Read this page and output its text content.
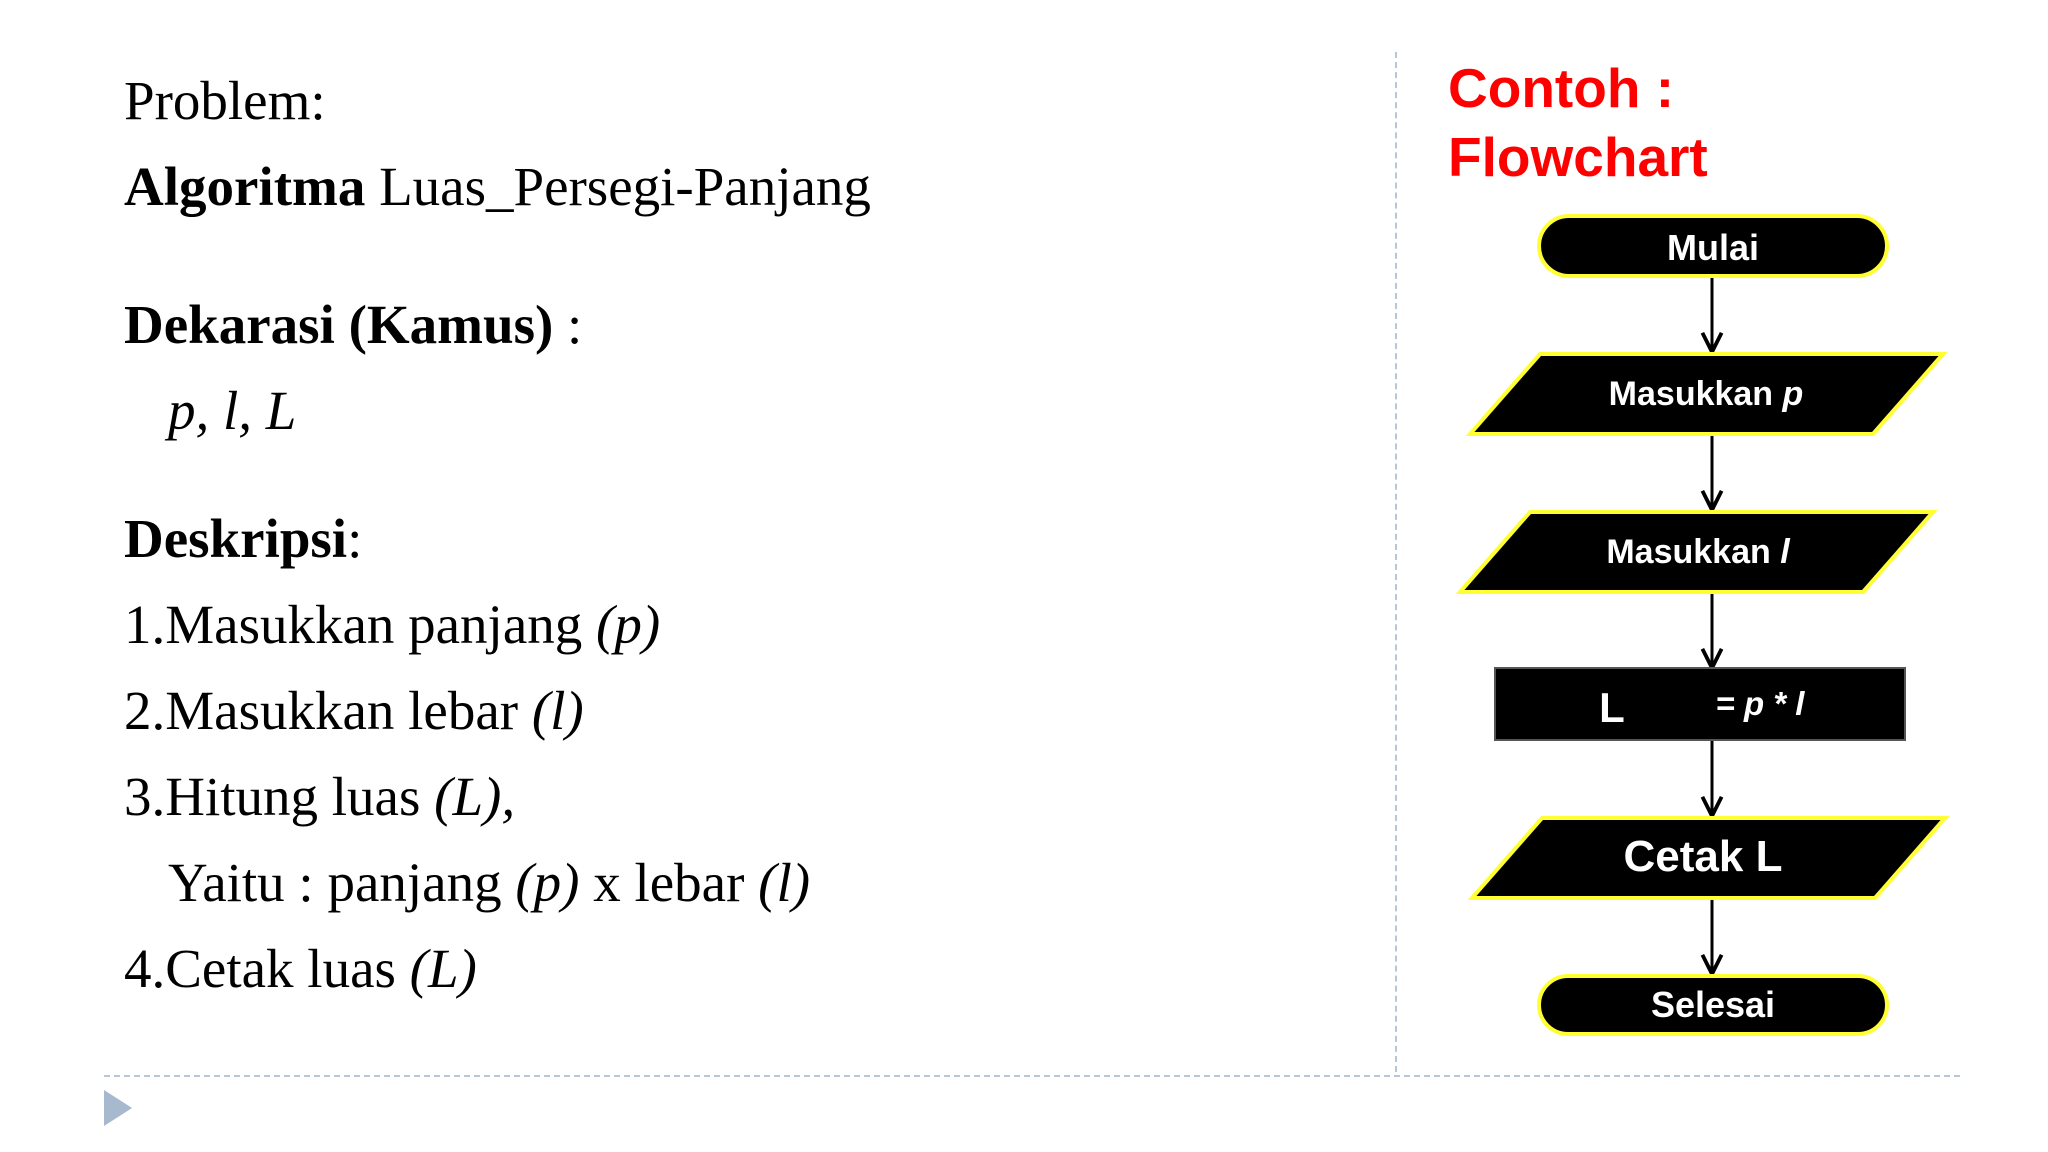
Problem:
Algoritma Luas_Persegi-Panjang
Dekarasi (Kamus) :
p, l, L
Deskripsi:
1.Masukkan panjang (p)
2.Masukkan lebar (l)
3.Hitung luas (L),
Yaitu : panjang (p) x lebar (l)
4.Cetak luas (L)
Contoh :
Flowchart
Mulai
Masukkan p
Masukkan l
L	= p * l
Cetak L
Selesai
